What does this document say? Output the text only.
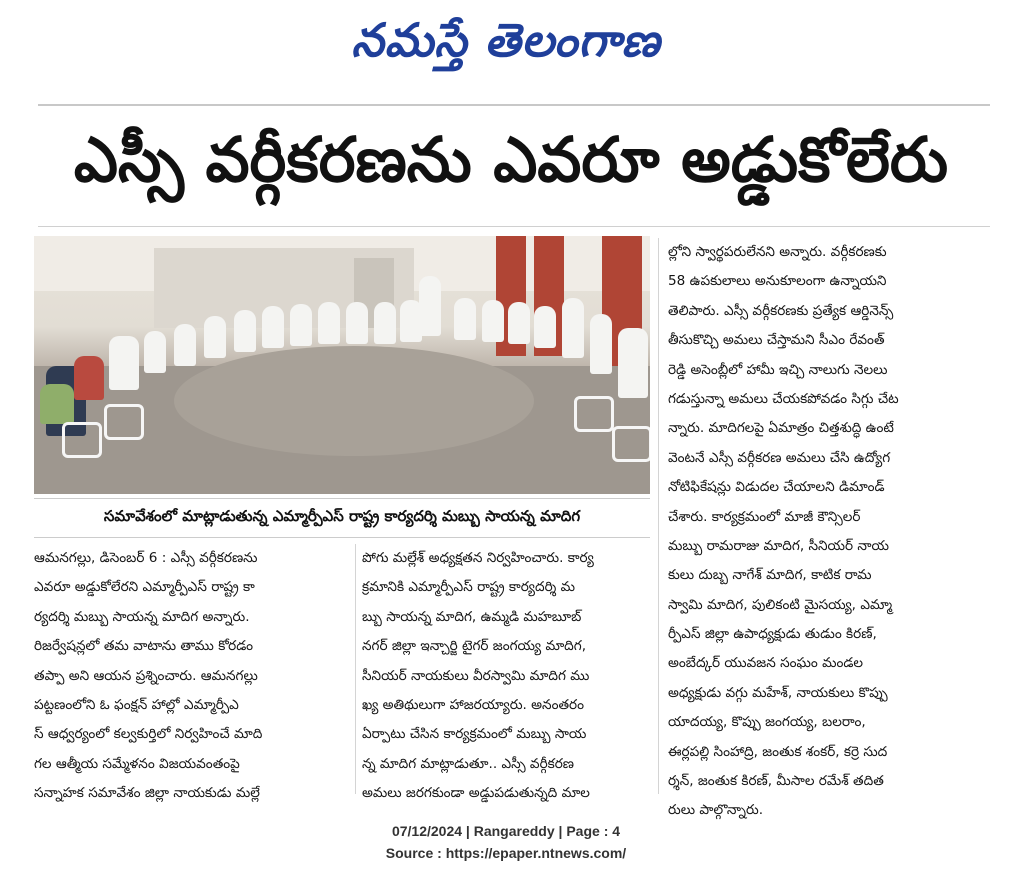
నమస్తే తెలంగాణ
ఎస్సీ వర్గీకరణను ఎవరూ అడ్డుకోలేరు
సమావేశంలో మాట్లాడుతున్న ఎమ్మార్పీఎస్ రాష్ట్ర కార్యదర్శి మబ్బు సాయన్న మాదిగ
ఆమనగల్లు, డిసెంబర్ 6 : ఎస్సీ వర్గీకరణను
ఎవరూ అడ్డుకోలేరని ఎమ్మార్పీఎస్ రాష్ట్ర కా
ర్యదర్శి మబ్బు సాయన్న మాదిగ అన్నారు.
రిజర్వేషన్లలో తమ వాటాను తాము కోరడం
తప్పా అని ఆయన ప్రశ్నించారు. ఆమనగల్లు
పట్టణంలోని ఓ ఫంక్షన్ హాల్లో ఎమ్మార్పీఎ
స్ ఆధ్వర్యంలో కల్వకుర్తిలో నిర్వహించే మాది
గల ఆత్మీయ సమ్మేళనం విజయవంతంపై
సన్నాహక సమావేశం జిల్లా నాయకుడు మల్లే
పోగు మల్లేశ్ అధ్యక్షతన నిర్వహించారు. కార్య
క్రమానికి ఎమ్మార్పీఎస్ రాష్ట్ర కార్యదర్శి మ
బ్బు సాయన్న మాదిగ, ఉమ్మడి మహబూబ్
నగర్ జిల్లా ఇన్చార్జి టైగర్ జంగయ్య మాదిగ,
సీనియర్ నాయకులు వీరస్వామి మాదిగ ము
ఖ్య అతిథులుగా హాజరయ్యారు. అనంతరం
ఏర్పాటు చేసిన కార్యక్రమంలో మబ్బు సాయ
న్న మాదిగ మాట్లాడుతూ.. ఎస్సీ వర్గీకరణ
అమలు జరగకుండా అడ్డుపడుతున్నది మాల
ల్లోని స్వార్థపరులేనని అన్నారు. వర్గీకరణకు
58 ఉపకులాలు అనుకూలంగా ఉన్నాయని
తెలిపారు. ఎస్సీ వర్గీకరణకు ప్రత్యేక ఆర్డినెన్స్
తీసుకొచ్చి అమలు చేస్తామని సీఎం రేవంత్
రెడ్డి అసెంబ్లీలో హామీ ఇచ్చి నాలుగు నెలలు
గడుస్తున్నా అమలు చేయకపోవడం సిగ్గు చేట
న్నారు. మాదిగలపై ఏమాత్రం చిత్తశుద్ధి ఉంటే
వెంటనే ఎస్సీ వర్గీకరణ అమలు చేసి ఉద్యోగ
నోటిఫికేషన్లు విడుదల చేయాలని డిమాండ్
చేశారు. కార్యక్రమంలో మాజీ కౌన్సిలర్
మబ్బు రామరాజు మాదిగ, సీనియర్ నాయ
కులు దుబ్బ నాగేశ్ మాదిగ, కాటిక రామ
స్వామి మాదిగ, పులికంటి మైసయ్య, ఎమ్మా
ర్పీఎస్ జిల్లా ఉపాధ్యక్షుడు తుడుం కిరణ్,
అంబేద్కర్ యువజన సంఘం మండల
అధ్యక్షుడు వగ్గు మహేశ్, నాయకులు కొప్పు
యాదయ్య, కొప్పు జంగయ్య, బలరాం,
ఈర్లపల్లి సింహాద్రి, జంతుక శంకర్, కర్రె సుద
ర్శన్, జంతుక కిరణ్, మీసాల రమేశ్ తదిత
రులు పాల్గొన్నారు.
07/12/2024 | Rangareddy | Page : 4
Source : https://epaper.ntnews.com/
